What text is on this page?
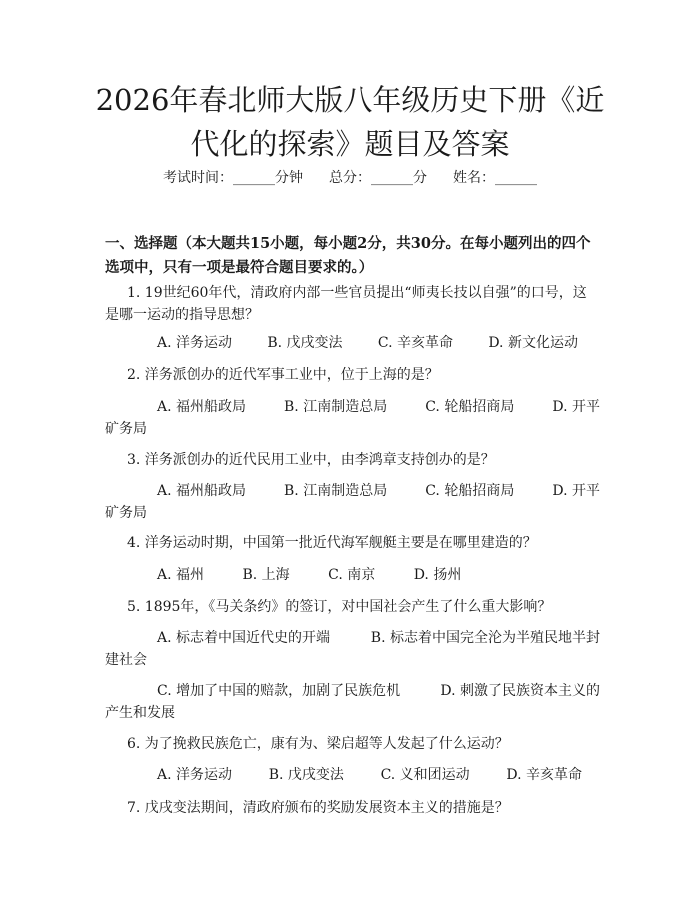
2026年春北师大版八年级历史下册《近代化的探索》题目及答案
考试时间：______分钟 总分：______分 姓名：______
一、选择题（本大题共15小题，每小题2分，共30分。在每小题列出的四个选项中，只有一项是最符合题目要求的。）
1. 19世纪60年代，清政府内部一些官员提出“师夷长技以自强”的口号，这是哪一运动的指导思想？
A. 洋务运动	B. 戊戌变法	C. 辛亥革命	D. 新文化运动
2. 洋务派创办的近代军事工业中，位于上海的是？
A. 福州船政局	B. 江南制造总局	C. 轮船招商局	D. 开平
矿务局
3. 洋务派创办的近代民用工业中，由李鸿章支持创办的是？
A. 福州船政局	B. 江南制造总局	C. 轮船招商局	D. 开平
矿务局
4. 洋务运动时期，中国第一批近代海军舰艇主要是在哪里建造的？
A. 福州	B. 上海	C. 南京	D. 扬州
5. 1895年，《马关条约》的签订，对中国社会产生了什么重大影响？
A. 标志着中国近代史的开端	B. 标志着中国完全沦为半殖民地半封
建社会
C. 增加了中国的赔款，加剧了民族危机	D. 刺激了民族资本主义的
产生和发展
6. 为了挽救民族危亡，康有为、梁启超等人发起了什么运动？
A. 洋务运动	B. 戊戌变法	C. 义和团运动	D. 辛亥革命
7. 戊戌变法期间，清政府颁布的奖励发展资本主义的措施是？
